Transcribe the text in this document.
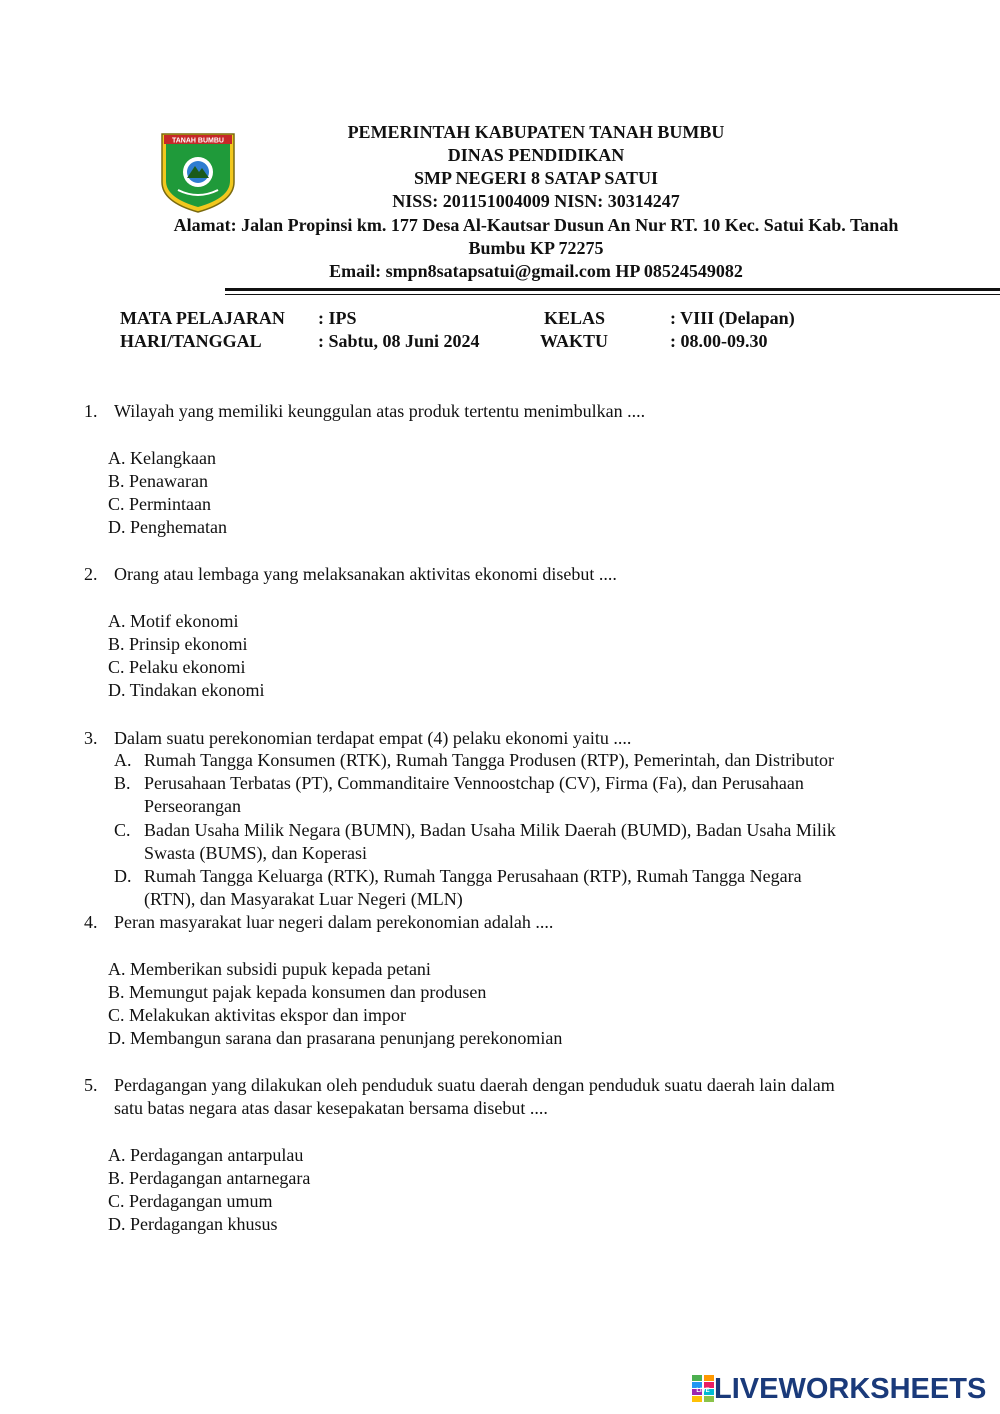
TANAH BUMBU	PEMERINTAH KABUPATEN TANAH BUMBU
DINAS PENDIDIKAN
SMP NEGERI 8 SATAP SATUI
NISS: 201151004009 NISN: 30314247
Alamat: Jalan Propinsi km. 177 Desa Al-Kautsar Dusun An Nur RT. 10 Kec. Satui Kab. Tanah
Bumbu KP 72275
Email: smpn8satapsatui@gmail.com HP 08524549082
MATA PELAJARAN : IPS	KELAS	: VIII (Delapan)
HARI/TANGGAL	: Sabtu, 08 Juni 2024	WAKTU	: 08.00-09.30
1. Wilayah yang memiliki keunggulan atas produk tertentu menimbulkan ....
A. Kelangkaan
B. Penawaran
C. Permintaan
D. Penghematan
2. Orang atau lembaga yang melaksanakan aktivitas ekonomi disebut ....
A. Motif ekonomi
B. Prinsip ekonomi
C. Pelaku ekonomi
D. Tindakan ekonomi
3. Dalam suatu perekonomian terdapat empat (4) pelaku ekonomi yaitu ....
A. Rumah Tangga Konsumen (RTK), Rumah Tangga Produsen (RTP), Pemerintah, dan Distributor
B. Perusahaan Terbatas (PT), Commanditaire Vennoostchap (CV), Firma (Fa), dan Perusahaan
Perseorangan
C. Badan Usaha Milik Negara (BUMN), Badan Usaha Milik Daerah (BUMD), Badan Usaha Milik
Swasta (BUMS), dan Koperasi
D. Rumah Tangga Keluarga (RTK), Rumah Tangga Perusahaan (RTP), Rumah Tangga Negara
(RTN), dan Masyarakat Luar Negeri (MLN)
4. Peran masyarakat luar negeri dalam perekonomian adalah ....
A. Memberikan subsidi pupuk kepada petani
B. Memungut pajak kepada konsumen dan produsen
C. Melakukan aktivitas ekspor dan impor
D. Membangun sarana dan prasarana penunjang perekonomian
5. Perdagangan yang dilakukan oleh penduduk suatu daerah dengan penduduk suatu daerah lain dalam
satu batas negara atas dasar kesepakatan bersama disebut ....
A. Perdagangan antarpulau
B. Perdagangan antarnegara
C. Perdagangan umum
D. Perdagangan khusus
LIVE LIVEWORKSHEETS
